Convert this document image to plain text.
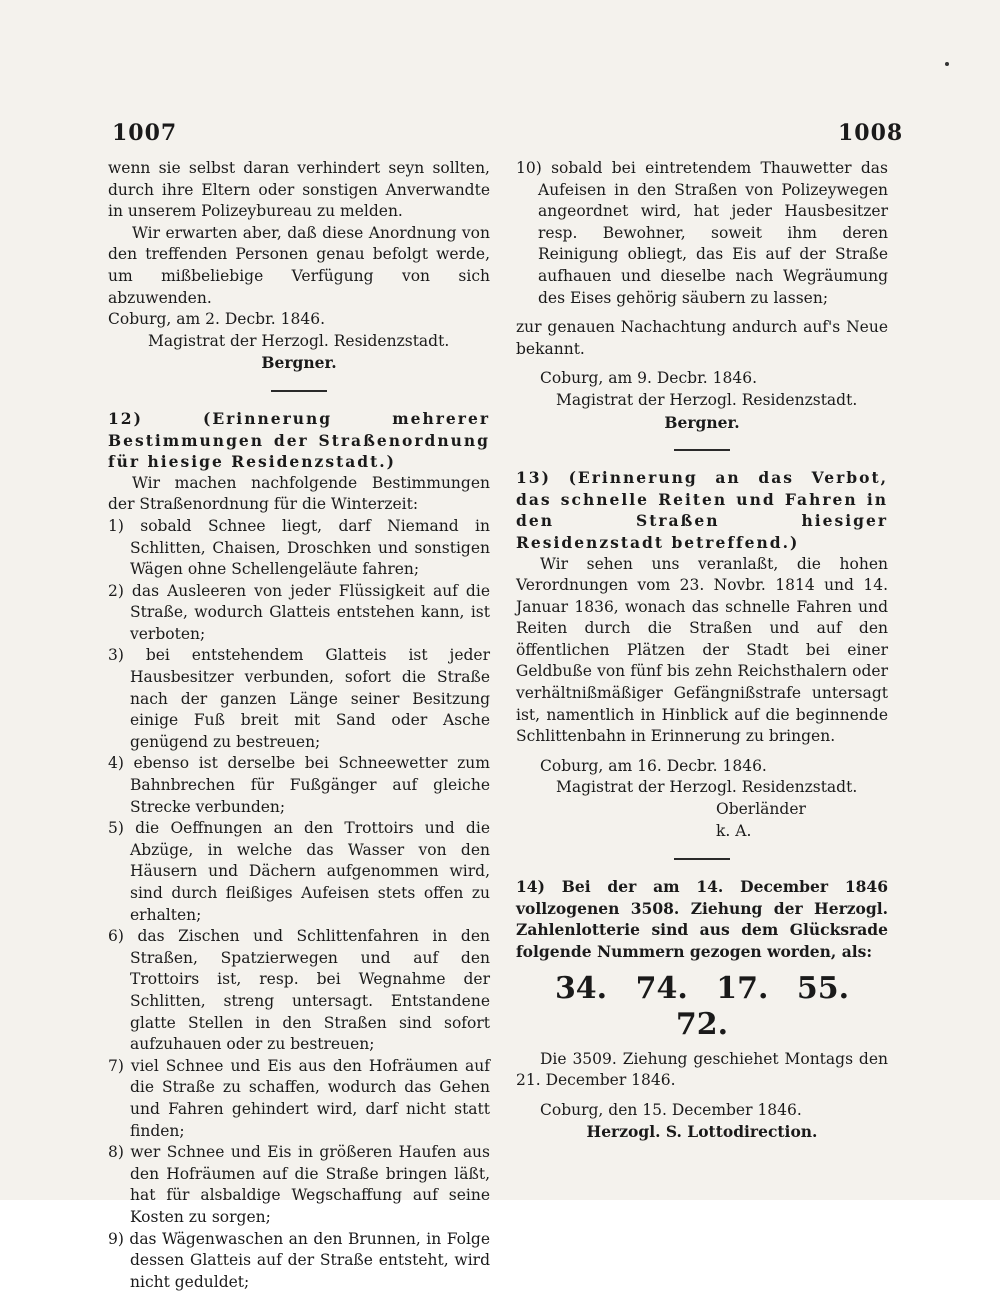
1007	1008

wenn sie selbst daran verhindert seyn sollten, durch ihre Eltern oder sonstigen Anverwandte in unserem Polizeybureau zu melden.

Wir erwarten aber, daß diese Anordnung von den treffenden Personen genau befolgt werde, um mißbeliebige Verfügung von sich abzuwenden.

Coburg, am 2. Decbr. 1846.

Magistrat der Herzogl. Residenzstadt.

Bergner.

12) (Erinnerung mehrerer Bestimmungen der Straßenordnung für hiesige Residenzstadt.)

Wir machen nachfolgende Bestimmungen der Straßenordnung für die Winterzeit:

1) sobald Schnee liegt, darf Niemand in Schlitten, Chaisen, Droschken und sonstigen Wägen ohne Schellengeläute fahren;
2) das Ausleeren von jeder Flüssigkeit auf die Straße, wodurch Glatteis entstehen kann, ist verboten;
3) bei entstehendem Glatteis ist jeder Hausbesitzer verbunden, sofort die Straße nach der ganzen Länge seiner Besitzung einige Fuß breit mit Sand oder Asche genügend zu bestreuen;
4) ebenso ist derselbe bei Schneewetter zum Bahnbrechen für Fußgänger auf gleiche Strecke verbunden;
5) die Oeffnungen an den Trottoirs und die Abzüge, in welche das Wasser von den Häusern und Dächern aufgenommen wird, sind durch fleißiges Aufeisen stets offen zu erhalten;
6) das Zischen und Schlittenfahren in den Straßen, Spatzierwegen und auf den Trottoirs ist, resp. bei Wegnahme der Schlitten, streng untersagt. Entstandene glatte Stellen in den Straßen sind sofort aufzuhauen oder zu bestreuen;
7) viel Schnee und Eis aus den Hofräumen auf die Straße zu schaffen, wodurch das Gehen und Fahren gehindert wird, darf nicht statt finden;
8) wer Schnee und Eis in größeren Haufen aus den Hofräumen auf die Straße bringen läßt, hat für alsbaldige Wegschaffung auf seine Kosten zu sorgen;
9) das Wägenwaschen an den Brunnen, in Folge dessen Glatteis auf der Straße entsteht, wird nicht geduldet;
10) sobald bei eintretendem Thauwetter das Aufeisen in den Straßen von Polizeywegen angeordnet wird, hat jeder Hausbesitzer resp. Bewohner, soweit ihm deren Reinigung obliegt, das Eis auf der Straße aufhauen und dieselbe nach Wegräumung des Eises gehörig säubern zu lassen;

zur genauen Nachachtung andurch auf's Neue bekannt.

Coburg, am 9. Decbr. 1846.

Magistrat der Herzogl. Residenzstadt.

Bergner.

13) (Erinnerung an das Verbot, das schnelle Reiten und Fahren in den Straßen hiesiger Residenzstadt betreffend.)

Wir sehen uns veranlaßt, die hohen Verordnungen vom 23. Novbr. 1814 und 14. Januar 1836, wonach das schnelle Fahren und Reiten durch die Straßen und auf den öffentlichen Plätzen der Stadt bei einer Geldbuße von fünf bis zehn Reichsthalern oder verhältnißmäßiger Gefängnißstrafe untersagt ist, namentlich in Hinblick auf die beginnende Schlittenbahn in Erinnerung zu bringen.

Coburg, am 16. Decbr. 1846.

Magistrat der Herzogl. Residenzstadt.

Oberländer

k. A.

14) Bei der am 14. December 1846 vollzogenen 3508. Ziehung der Herzogl. Zahlenlotterie sind aus dem Glücksrade folgende Nummern gezogen worden, als:

34. 74. 17. 55. 72.

Die 3509. Ziehung geschiehet Montags den 21. December 1846.

Coburg, den 15. December 1846.

Herzogl. S. Lottodirection.
